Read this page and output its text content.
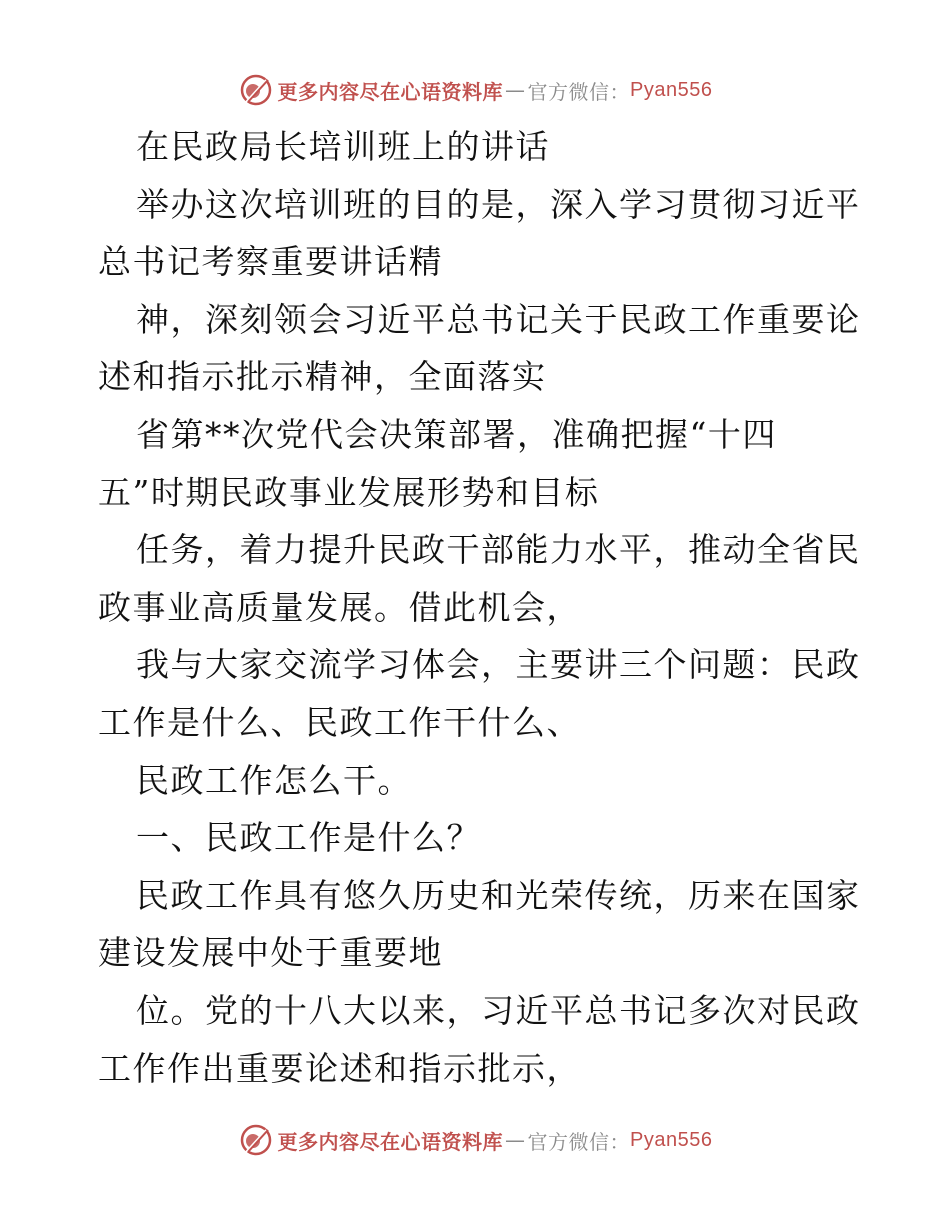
更多内容尽在心语资料库 — 官方微信： Pyan556
在民政局长培训班上的讲话
举办这次培训班的目的是，深入学习贯彻习近平
总书记考察重要讲话精
神，深刻领会习近平总书记关于民政工作重要论
述和指示批示精神，全面落实
省第**次党代会决策部署，准确把握“十四
五”时期民政事业发展形势和目标
任务，着力提升民政干部能力水平，推动全省民
政事业高质量发展。借此机会，
我与大家交流学习体会，主要讲三个问题：民政
工作是什么、民政工作干什么、
民政工作怎么干。
一、民政工作是什么？
民政工作具有悠久历史和光荣传统，历来在国家
建设发展中处于重要地
位。党的十八大以来，习近平总书记多次对民政
工作作出重要论述和指示批示，
更多内容尽在心语资料库 — 官方微信： Pyan556
